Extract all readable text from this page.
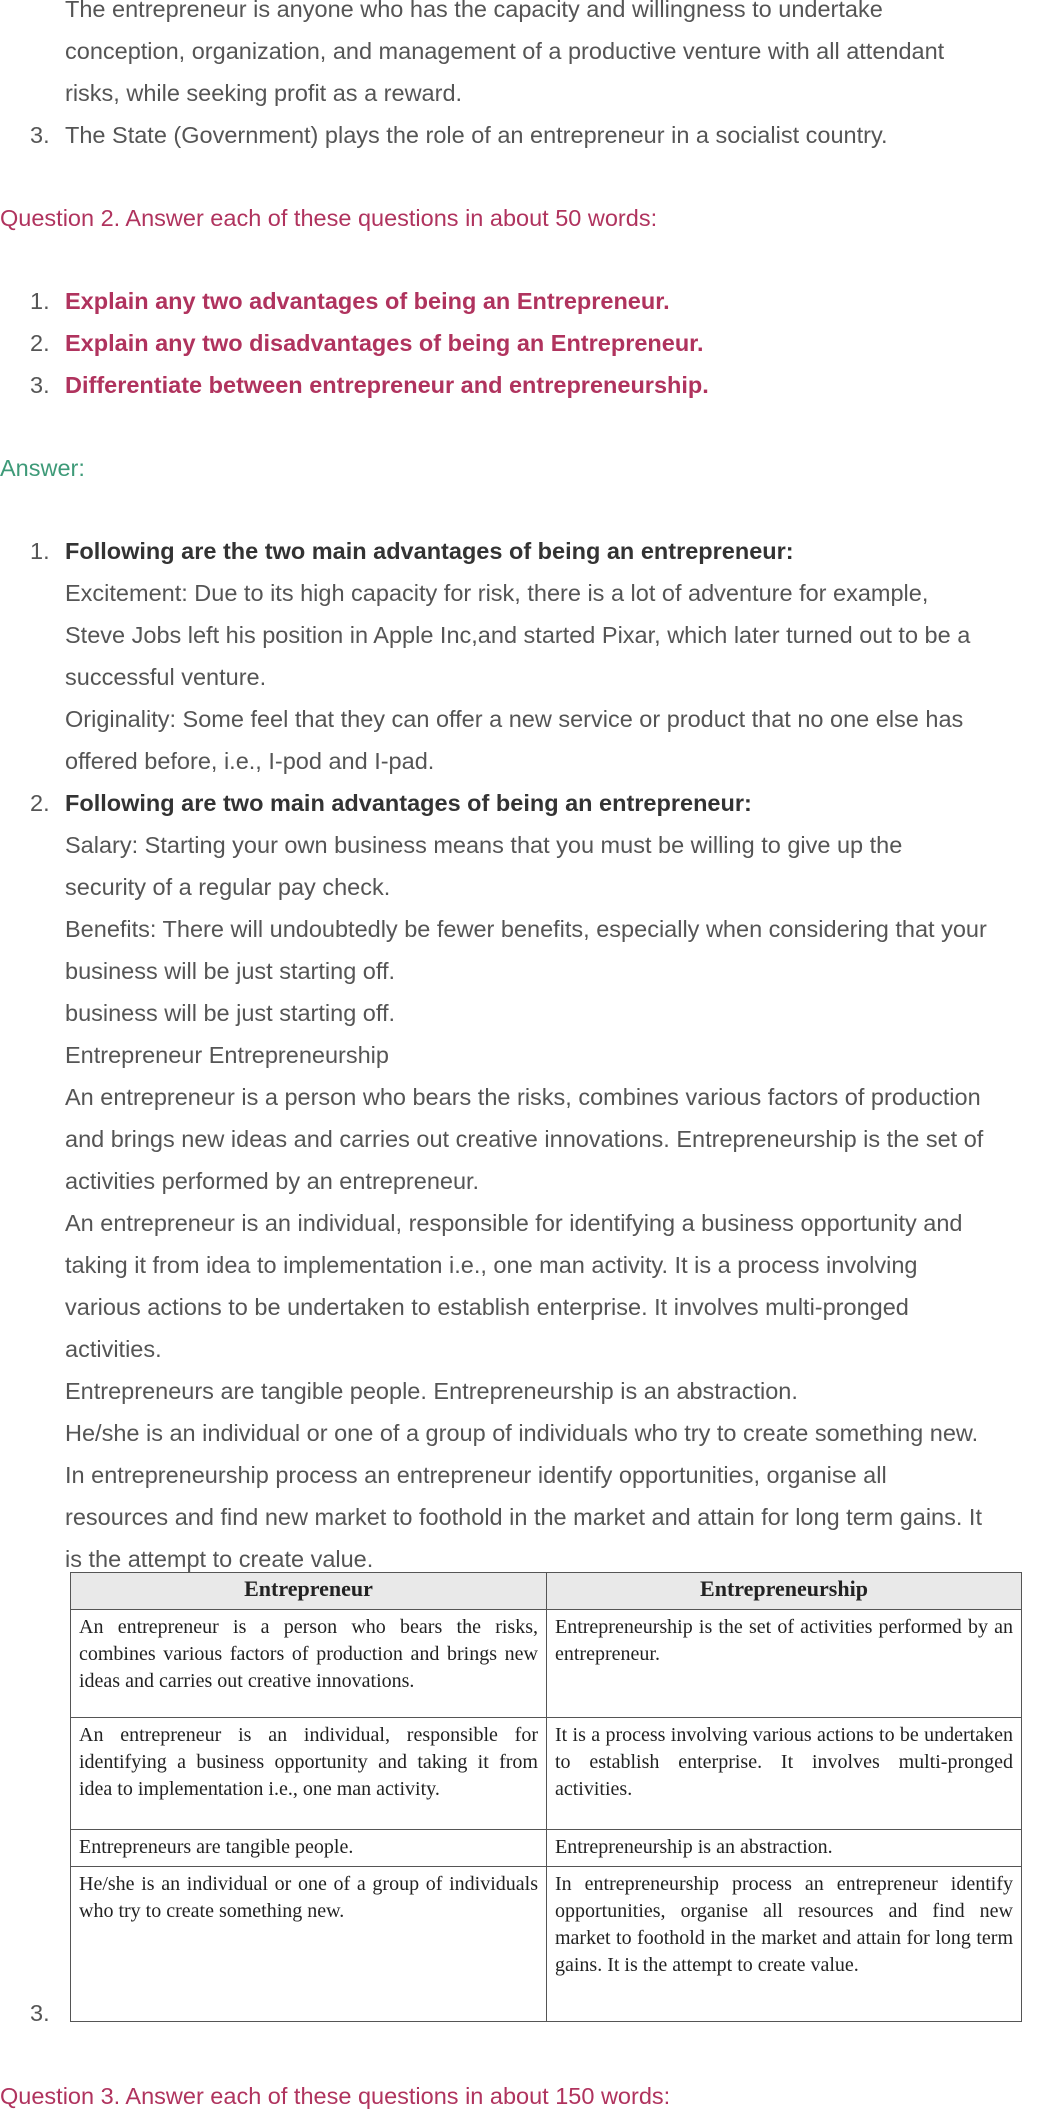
The entrepreneur is anyone who has the capacity and willingness to undertake
conception, organization, and management of a productive venture with all attendant
risks, while seeking profit as a reward.
3. The State (Government) plays the role of an entrepreneur in a socialist country.
Question 2. Answer each of these questions in about 50 words:
1. Explain any two advantages of being an Entrepreneur.
2. Explain any two disadvantages of being an Entrepreneur.
3. Differentiate between entrepreneur and entrepreneurship.
Answer:
1. Following are the two main advantages of being an entrepreneur:
Excitement: Due to its high capacity for risk, there is a lot of adventure for example,
Steve Jobs left his position in Apple Inc,and started Pixar, which later turned out to be a
successful venture.
Originality: Some feel that they can offer a new service or product that no one else has
offered before, i.e., I-pod and I-pad.
2. Following are two main advantages of being an entrepreneur:
Salary: Starting your own business means that you must be willing to give up the
security of a regular pay check.
Benefits: There will undoubtedly be fewer benefits, especially when considering that your
business will be just starting off.
business will be just starting off.
Entrepreneur Entrepreneurship
An entrepreneur is a person who bears the risks, combines various factors of production
and brings new ideas and carries out creative innovations. Entrepreneurship is the set of
activities performed by an entrepreneur.
An entrepreneur is an individual, responsible for identifying a business opportunity and
taking it from idea to implementation i.e., one man activity. It is a process involving
various actions to be undertaken to establish enterprise. It involves multi-pronged
activities.
Entrepreneurs are tangible people. Entrepreneurship is an abstraction.
He/she is an individual or one of a group of individuals who try to create something new.
In entrepreneurship process an entrepreneur identify opportunities, organise all
resources and find new market to foothold in the market and attain for long term gains. It
is the attempt to create value.
Entrepreneur	Entrepreneurship
An entrepreneur is a person who bears the risks, combines various factors of production and brings new ideas and carries out creative innovations.
Entrepreneurship is the set of activities performed by an entrepreneur.
An entrepreneur is an individual, responsible for identifying a business opportunity and taking it from idea to implementation i.e., one man activity.
It is a process involving various actions to be undertaken to establish enterprise. It involves multi-pronged activities.
Entrepreneurs are tangible people.	Entrepreneurship is an abstraction.
He/she is an individual or one of a group of individuals who try to create something new.
In entrepreneurship process an entrepreneur identify opportunities, organise all resources and find new market to foothold in the market and attain for long term gains. It is the attempt to create value.
3.
Question 3. Answer each of these questions in about 150 words:
